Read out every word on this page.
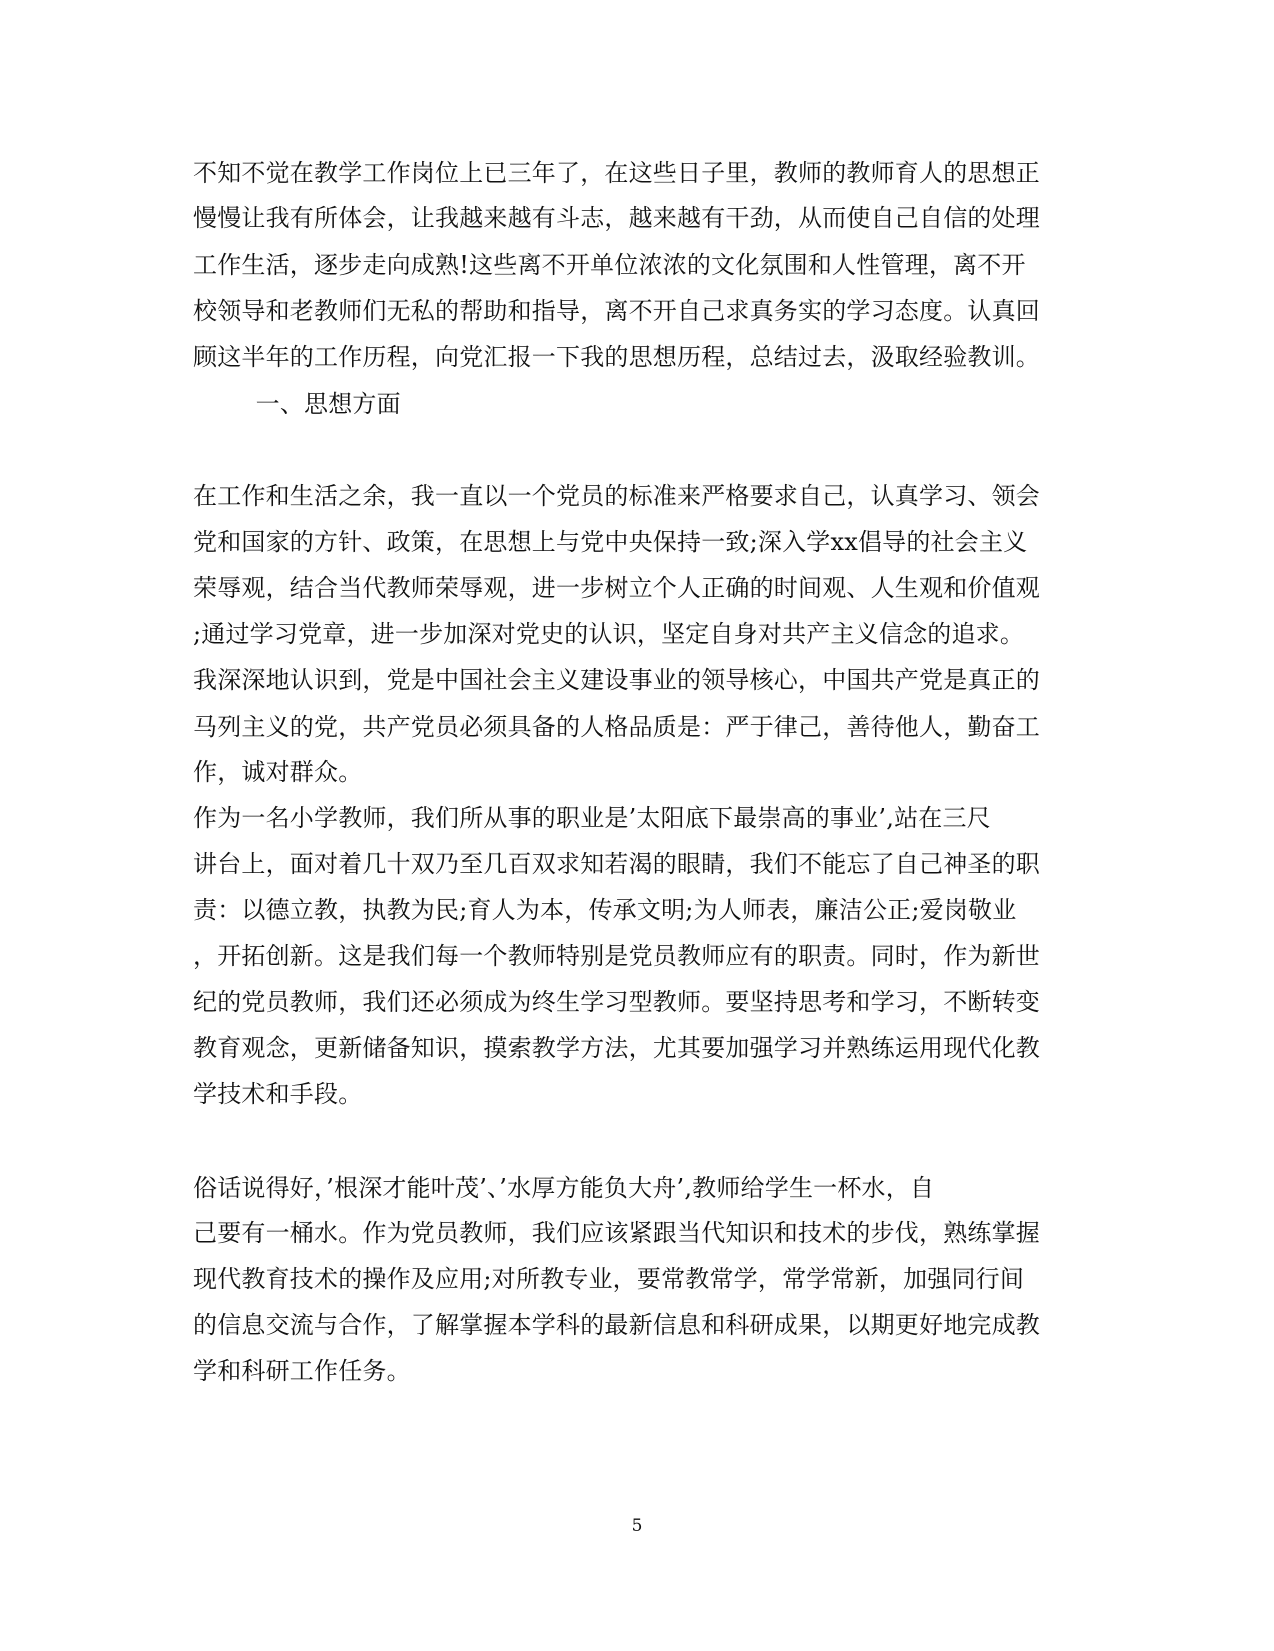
不知不觉在教学工作岗位上已三年了，在这些日子里，教师的教师育人的思想正
慢慢让我有所体会，让我越来越有斗志，越来越有干劲，从而使自己自信的处理
工作生活，逐步走向成熟!这些离不开单位浓浓的文化氛围和人性管理，离不开
校领导和老教师们无私的帮助和指导，离不开自己求真务实的学习态度。认真回
顾这半年的工作历程，向党汇报一下我的思想历程，总结过去，汲取经验教训。
一、思想方面
在工作和生活之余，我一直以一个党员的标准来严格要求自己，认真学习、领会
党和国家的方针、政策，在思想上与党中央保持一致;深入学xx倡导的社会主义
荣辱观，结合当代教师荣辱观，进一步树立个人正确的时间观、人生观和价值观
;通过学习党章，进一步加深对党史的认识，坚定自身对共产主义信念的追求。
我深深地认识到，党是中国社会主义建设事业的领导核心，中国共产党是真正的
马列主义的党，共产党员必须具备的人格品质是：严于律己，善待他人，勤奋工
作，诚对群众。
作为一名小学教师，我们所从事的职业是’太阳底下最崇高的事业’,站在三尺
讲台上，面对着几十双乃至几百双求知若渴的眼睛，我们不能忘了自己神圣的职
责：以德立教，执教为民;育人为本，传承文明;为人师表，廉洁公正;爱岗敬业
，开拓创新。这是我们每一个教师特别是党员教师应有的职责。同时，作为新世
纪的党员教师，我们还必须成为终生学习型教师。要坚持思考和学习，不断转变
教育观念，更新储备知识，摸索教学方法，尤其要加强学习并熟练运用现代化教
学技术和手段。
俗话说得好，’根深才能叶茂’、’水厚方能负大舟’,教师给学生一杯水，自
己要有一桶水。作为党员教师，我们应该紧跟当代知识和技术的步伐，熟练掌握
现代教育技术的操作及应用;对所教专业，要常教常学，常学常新，加强同行间
的信息交流与合作，了解掌握本学科的最新信息和科研成果，以期更好地完成教
学和科研工作任务。
5
